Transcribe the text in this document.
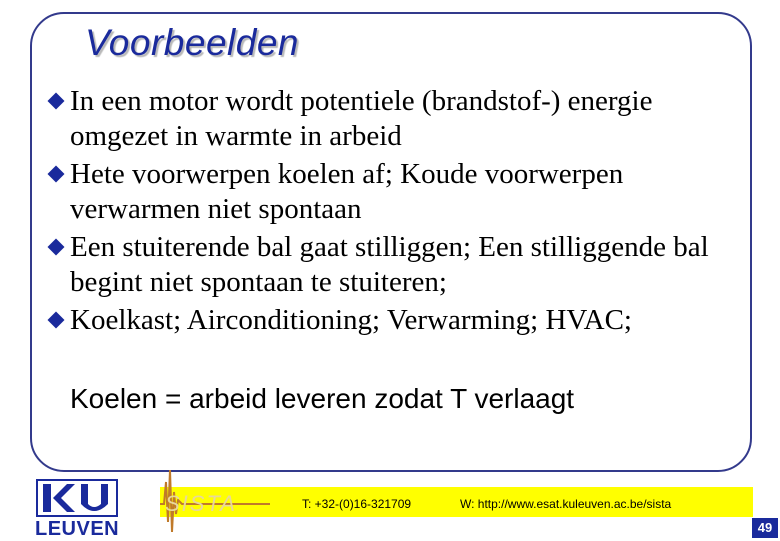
Voorbeelden
In een motor wordt potentiele (brandstof-) energie omgezet in warmte in arbeid
Hete voorwerpen koelen af; Koude voorwerpen verwarmen niet spontaan
Een stuiterende bal gaat stilliggen; Een stilliggende bal begint niet spontaan te stuiteren;
Koelkast; Airconditioning; Verwarming; HVAC;
Koelen = arbeid leveren zodat T verlaagt
LEUVEN
SISTA	T: +32-(0)16-321709	W: http://www.esat.kuleuven.ac.be/sista
49
